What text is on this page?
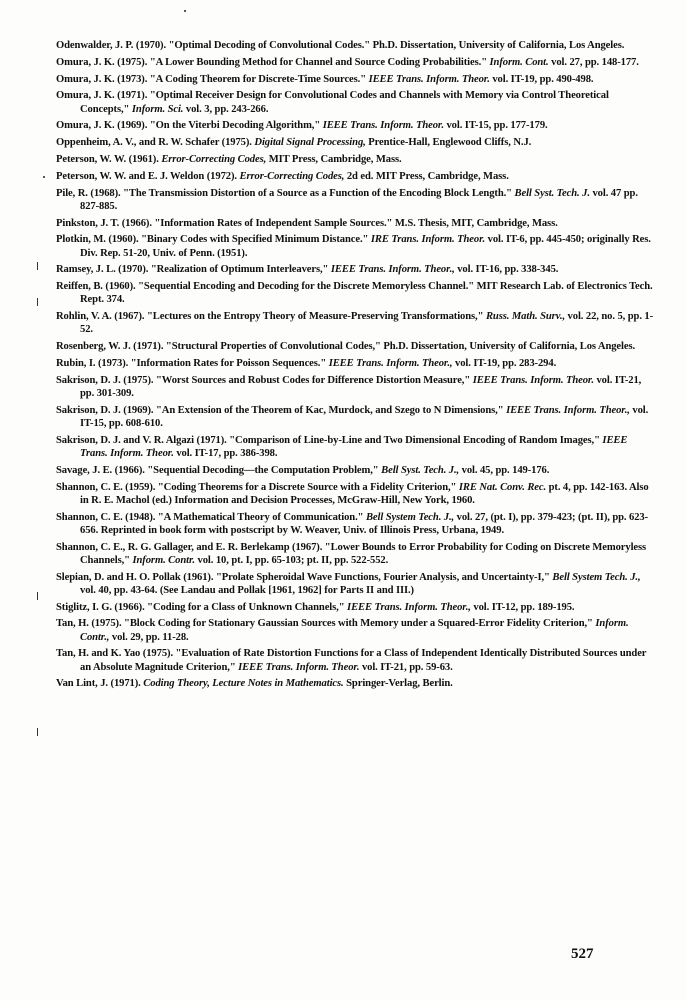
Odenwalder, J. P. (1970). "Optimal Decoding of Convolutional Codes." Ph.D. Dissertation, University of California, Los Angeles.
Omura, J. K. (1975). "A Lower Bounding Method for Channel and Source Coding Probabilities." Inform. Cont. vol. 27, pp. 148-177.
Omura, J. K. (1973). "A Coding Theorem for Discrete-Time Sources." IEEE Trans. Inform. Theor. vol. IT-19, pp. 490-498.
Omura, J. K. (1971). "Optimal Receiver Design for Convolutional Codes and Channels with Memory via Control Theoretical Concepts," Inform. Sci. vol. 3, pp. 243-266.
Omura, J. K. (1969). "On the Viterbi Decoding Algorithm," IEEE Trans. Inform. Theor. vol. IT-15, pp. 177-179.
Oppenheim, A. V., and R. W. Schafer (1975). Digital Signal Processing, Prentice-Hall, Englewood Cliffs, N.J.
Peterson, W. W. (1961). Error-Correcting Codes, MIT Press, Cambridge, Mass.
Peterson, W. W. and E. J. Weldon (1972). Error-Correcting Codes, 2d ed. MIT Press, Cambridge, Mass.
Pile, R. (1968). "The Transmission Distortion of a Source as a Function of the Encoding Block Length." Bell Syst. Tech. J. vol. 47 pp. 827-885.
Pinkston, J. T. (1966). "Information Rates of Independent Sample Sources." M.S. Thesis, MIT, Cambridge, Mass.
Plotkin, M. (1960). "Binary Codes with Specified Minimum Distance." IRE Trans. Inform. Theor. vol. IT-6, pp. 445-450; originally Res. Div. Rep. 51-20, Univ. of Penn. (1951).
Ramsey, J. L. (1970). "Realization of Optimum Interleavers," IEEE Trans. Inform. Theor., vol. IT-16, pp. 338-345.
Reiffen, B. (1960). "Sequential Encoding and Decoding for the Discrete Memoryless Channel." MIT Research Lab. of Electronics Tech. Rept. 374.
Rohlin, V. A. (1967). "Lectures on the Entropy Theory of Measure-Preserving Transformations," Russ. Math. Surv., vol. 22, no. 5, pp. 1-52.
Rosenberg, W. J. (1971). "Structural Properties of Convolutional Codes," Ph.D. Dissertation, University of California, Los Angeles.
Rubin, I. (1973). "Information Rates for Poisson Sequences." IEEE Trans. Inform. Theor., vol. IT-19, pp. 283-294.
Sakrison, D. J. (1975). "Worst Sources and Robust Codes for Difference Distortion Measure," IEEE Trans. Inform. Theor. vol. IT-21, pp. 301-309.
Sakrison, D. J. (1969). "An Extension of the Theorem of Kac, Murdock, and Szego to N Dimensions," IEEE Trans. Inform. Theor., vol. IT-15, pp. 608-610.
Sakrison, D. J. and V. R. Algazi (1971). "Comparison of Line-by-Line and Two Dimensional Encoding of Random Images," IEEE Trans. Inform. Theor. vol. IT-17, pp. 386-398.
Savage, J. E. (1966). "Sequential Decoding—the Computation Problem," Bell Syst. Tech. J., vol. 45, pp. 149-176.
Shannon, C. E. (1959). "Coding Theorems for a Discrete Source with a Fidelity Criterion," IRE Nat. Conv. Rec. pt. 4, pp. 142-163. Also in R. E. Machol (ed.) Information and Decision Processes, McGraw-Hill, New York, 1960.
Shannon, C. E. (1948). "A Mathematical Theory of Communication." Bell System Tech. J., vol. 27, (pt. I), pp. 379-423; (pt. II), pp. 623-656. Reprinted in book form with postscript by W. Weaver, Univ. of Illinois Press, Urbana, 1949.
Shannon, C. E., R. G. Gallager, and E. R. Berlekamp (1967). "Lower Bounds to Error Probability for Coding on Discrete Memoryless Channels," Inform. Contr. vol. 10, pt. I, pp. 65-103; pt. II, pp. 522-552.
Slepian, D. and H. O. Pollak (1961). "Prolate Spheroidal Wave Functions, Fourier Analysis, and Uncertainty-I," Bell System Tech. J., vol. 40, pp. 43-64. (See Landau and Pollak [1961, 1962] for Parts II and III.)
Stiglitz, I. G. (1966). "Coding for a Class of Unknown Channels," IEEE Trans. Inform. Theor., vol. IT-12, pp. 189-195.
Tan, H. (1975). "Block Coding for Stationary Gaussian Sources with Memory under a Squared-Error Fidelity Criterion," Inform. Contr., vol. 29, pp. 11-28.
Tan, H. and K. Yao (1975). "Evaluation of Rate Distortion Functions for a Class of Independent Identically Distributed Sources under an Absolute Magnitude Criterion," IEEE Trans. Inform. Theor. vol. IT-21, pp. 59-63.
Van Lint, J. (1971). Coding Theory, Lecture Notes in Mathematics. Springer-Verlag, Berlin.
527
